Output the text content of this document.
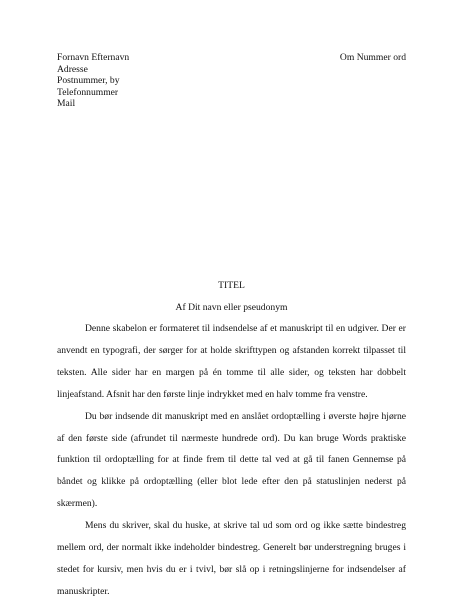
Fornavn Efternavn
Adresse
Postnummer, by
Telefonnummer
Mail
Om Nummer ord
TITEL
Af Dit navn eller pseudonym

Denne skabelon er formateret til indsendelse af et manuskript til en udgiver. Der er anvendt en typografi, der sørger for at holde skrifttypen og afstanden korrekt tilpasset til teksten. Alle sider har en margen på én tomme til alle sider, og teksten har dobbelt linjeafstand. Afsnit har den første linje indrykket med en halv tomme fra venstre.

Du bør indsende dit manuskript med en anslået ordoptælling i øverste højre hjørne af den første side (afrundet til nærmeste hundrede ord). Du kan bruge Words praktiske funktion til ordoptælling for at finde frem til dette tal ved at gå til fanen Gennemse på båndet og klikke på ordoptælling (eller blot lede efter den på statuslinjen nederst på skærmen).

Mens du skriver, skal du huske, at skrive tal ud som ord og ikke sætte bindestreg mellem ord, der normalt ikke indeholder bindestreg. Generelt bør understregning bruges i stedet for kursiv, men hvis du er i tvivl, bør slå op i retningslinjerne for indsendelser af manuskripter.
